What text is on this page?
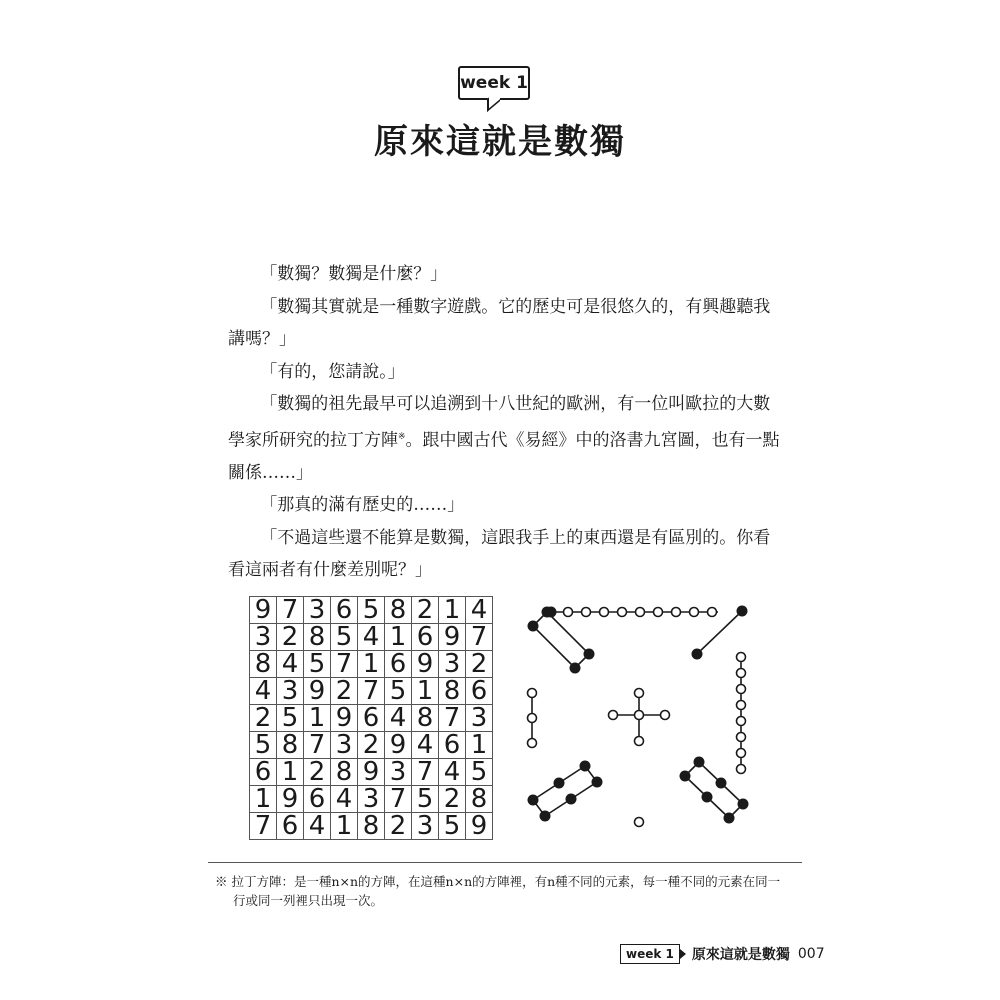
week 1
原來這就是數獨

「數獨？數獨是什麼？」

「數獨其實就是一種數字遊戲。它的歷史可是很悠久的，有興趣聽我講嗎？」

「有的，您請說。」

「數獨的祖先最早可以追溯到十八世紀的歐洲，有一位叫歐拉的大數學家所研究的拉丁方陣※。跟中國古代《易經》中的洛書九宮圖，也有一點關係……」

「那真的滿有歷史的……」

「不過這些還不能算是數獨，這跟我手上的東西還是有區別的。你看看這兩者有什麼差別呢？」

9	7	3	6	5	8	2	1	4
3	2	8	5	4	1	6	9	7
8	4	5	7	1	6	9	3	2
4	3	9	2	7	5	1	8	6
2	5	1	9	6	4	8	7	3
5	8	7	3	2	9	4	6	1
6	1	2	8	9	3	7	4	5
1	9	6	4	3	7	5	2	8
7	6	4	1	8	2	3	5	9
※ 拉丁方陣：是一種n×n的方陣，在這種n×n的方陣裡，有n種不同的元素，每一種不同的元素在同一
行或同一列裡只出現一次。
week 1	原來這就是數獨 007
